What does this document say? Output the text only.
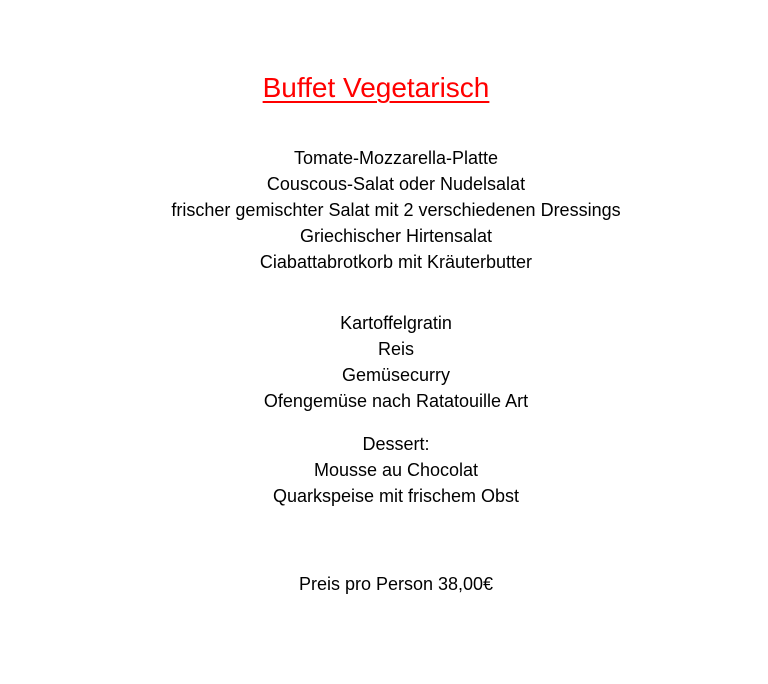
Buffet Vegetarisch
Tomate-Mozzarella-Platte
Couscous-Salat oder Nudelsalat
frischer gemischter Salat mit 2 verschiedenen Dressings
Griechischer Hirtensalat
Ciabattabrotkorb mit Kräuterbutter
Kartoffelgratin
Reis
Gemüsecurry
Ofengemüse nach Ratatouille Art
Dessert:
Mousse au Chocolat
Quarkspeise mit frischem Obst
Preis pro Person 38,00€
